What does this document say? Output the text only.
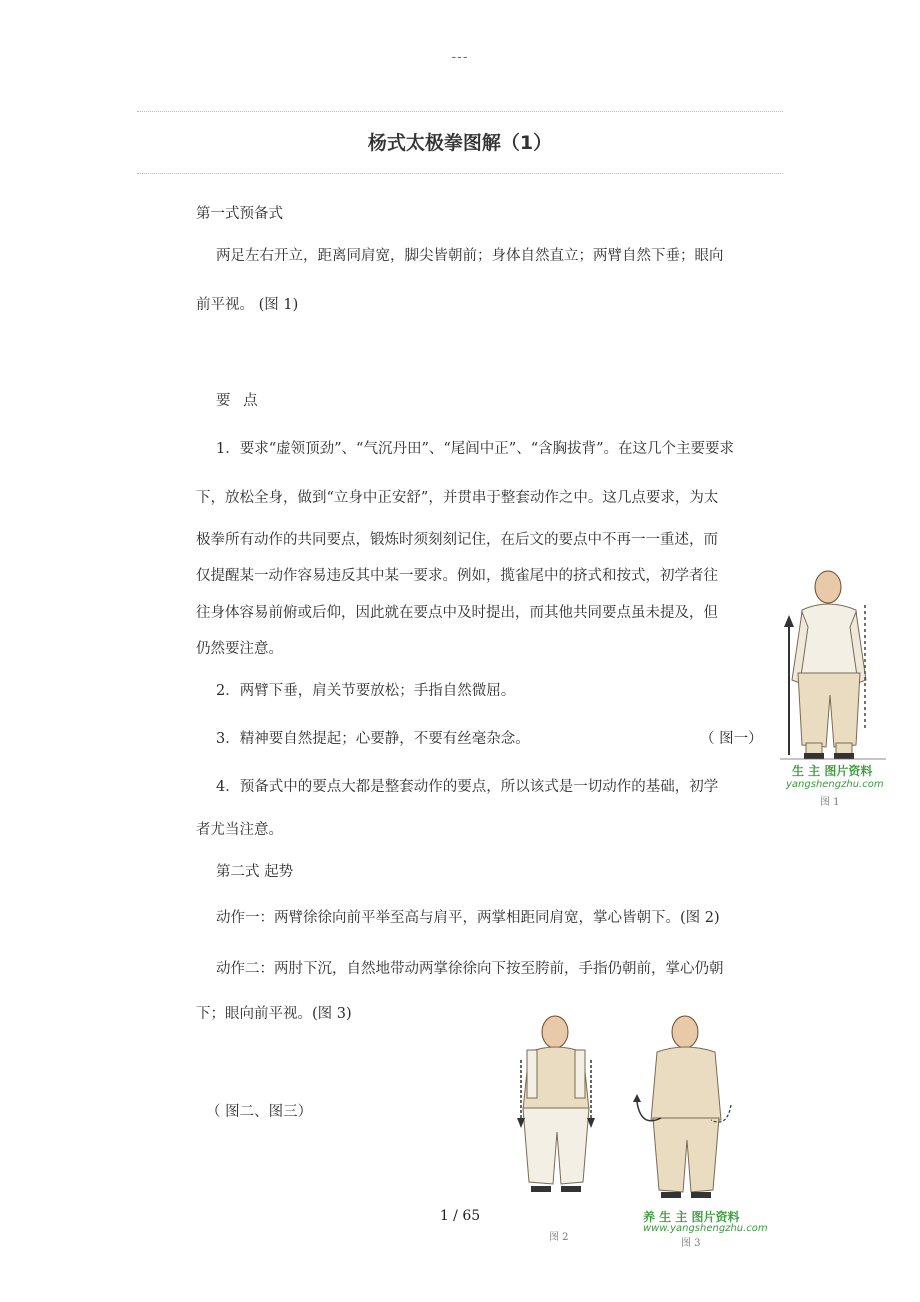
---
杨式太极拳图解（1）
第一式预备式
两足左右开立，距离同肩宽，脚尖皆朝前；身体自然直立；两臂自然下垂；眼向
前平视。 (图 1)
要 点
1．要求“虚领顶劲”、“气沉丹田”、“尾闾中正”、“含胸拔背”。在这几个主要要求
下，放松全身，做到“立身中正安舒”，并贯串于整套动作之中。这几点要求，为太
极拳所有动作的共同要点，锻炼时须刻刻记住，在后文的要点中不再一一重述，而
仅提醒某一动作容易违反其中某一要求。例如，揽雀尾中的挤式和按式，初学者往
往身体容易前俯或后仰，因此就在要点中及时提出，而其他共同要点虽未提及，但
仍然要注意。
2．两臂下垂，肩关节要放松；手指自然微屈。
3．精神要自然提起；心要静，不要有丝毫杂念。	（ 图一）
4．预备式中的要点大都是整套动作的要点，所以该式是一切动作的基础，初学
者尤当注意。
第二式 起势
动作一：两臂徐徐向前平举至高与肩平，两掌相距同肩宽，掌心皆朝下。(图 2)
动作二：两肘下沉，自然地带动两掌徐徐向下按至胯前，手指仍朝前，掌心仍朝
下；眼向前平视。(图 3)
（ 图二、图三）
生 主 图片资料
yangshengzhu.com
图 1
养 生 主 图片资料
www.yangshengzhu.com
图 2
图 3
1 / 65
